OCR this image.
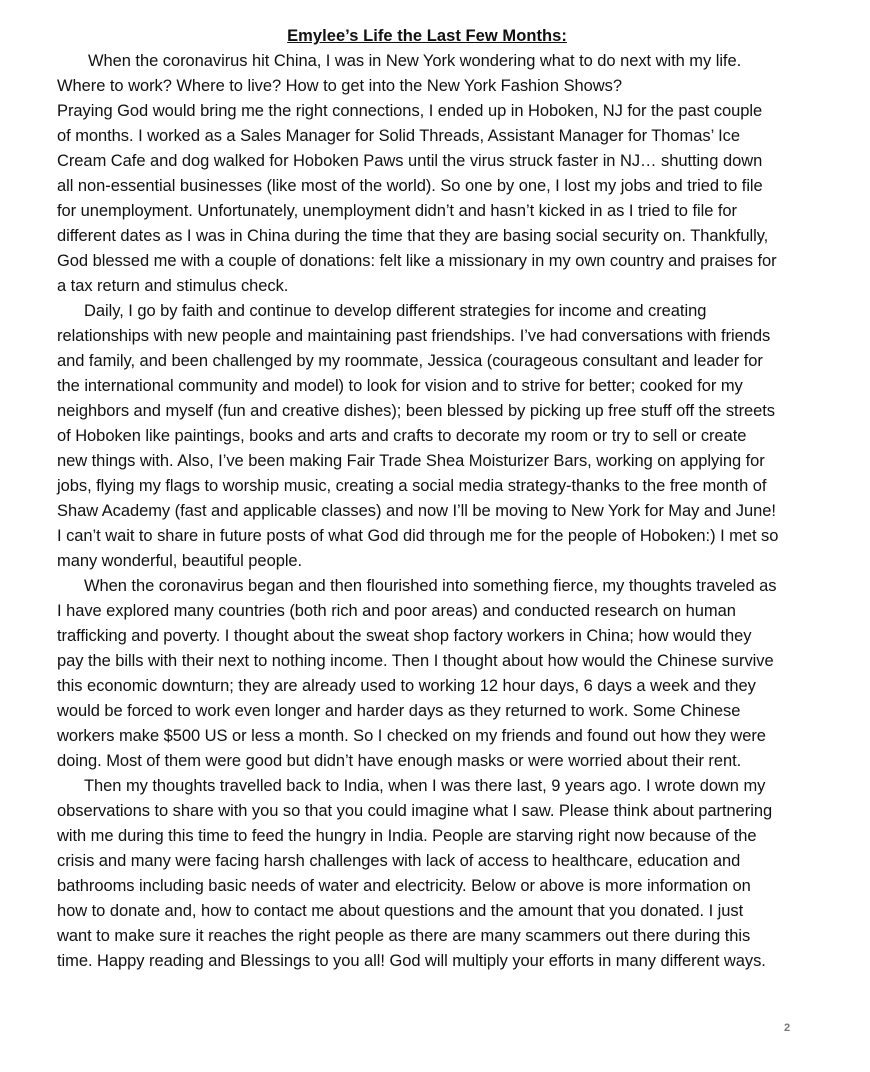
Emylee’s Life the Last Few Months:

When the coronavirus hit China, I was in New York wondering what to do next with my life.
Where to work? Where to live? How to get into the New York Fashion Shows?

Praying God would bring me the right connections, I ended up in Hoboken, NJ for the past couple
of months. I worked as a Sales Manager for Solid Threads, Assistant Manager for Thomas’ Ice
Cream Cafe and dog walked for Hoboken Paws until the virus struck faster in NJ… shutting down
all non-essential businesses (like most of the world). So one by one, I lost my jobs and tried to file
for unemployment. Unfortunately, unemployment didn’t and hasn’t kicked in as I tried to file for
different dates as I was in China during the time that they are basing social security on. Thankfully,
God blessed me with a couple of donations: felt like a missionary in my own country and praises for
a tax return and stimulus check.

Daily, I go by faith and continue to develop different strategies for income and creating
relationships with new people and maintaining past friendships. I’ve had conversations with friends
and family, and been challenged by my roommate, Jessica (courageous consultant and leader for
the international community and model) to look for vision and to strive for better; cooked for my
neighbors and myself (fun and creative dishes); been blessed by picking up free stuff off the streets
of Hoboken like paintings, books and arts and crafts to decorate my room or try to sell or create
new things with. Also, I’ve been making Fair Trade Shea Moisturizer Bars, working on applying for
jobs, flying my flags to worship music, creating a social media strategy-thanks to the free month of
Shaw Academy (fast and applicable classes) and now I’ll be moving to New York for May and June!
I can’t wait to share in future posts of what God did through me for the people of Hoboken:) I met so
many wonderful, beautiful people.

When the coronavirus began and then flourished into something fierce, my thoughts traveled as
I have explored many countries (both rich and poor areas) and conducted research on human
trafficking and poverty. I thought about the sweat shop factory workers in China; how would they
pay the bills with their next to nothing income. Then I thought about how would the Chinese survive
this economic downturn; they are already used to working 12 hour days, 6 days a week and they
would be forced to work even longer and harder days as they returned to work. Some Chinese
workers make $500 US or less a month. So I checked on my friends and found out how they were
doing. Most of them were good but didn’t have enough masks or were worried about their rent.

Then my thoughts travelled back to India, when I was there last, 9 years ago. I wrote down my
observations to share with you so that you could imagine what I saw. Please think about partnering
with me during this time to feed the hungry in India. People are starving right now because of the
crisis and many were facing harsh challenges with lack of access to healthcare, education and
bathrooms including basic needs of water and electricity. Below or above is more information on
how to donate and, how to contact me about questions and the amount that you donated. I just
want to make sure it reaches the right people as there are many scammers out there during this
time. Happy reading and Blessings to you all! God will multiply your efforts in many different ways.

2
